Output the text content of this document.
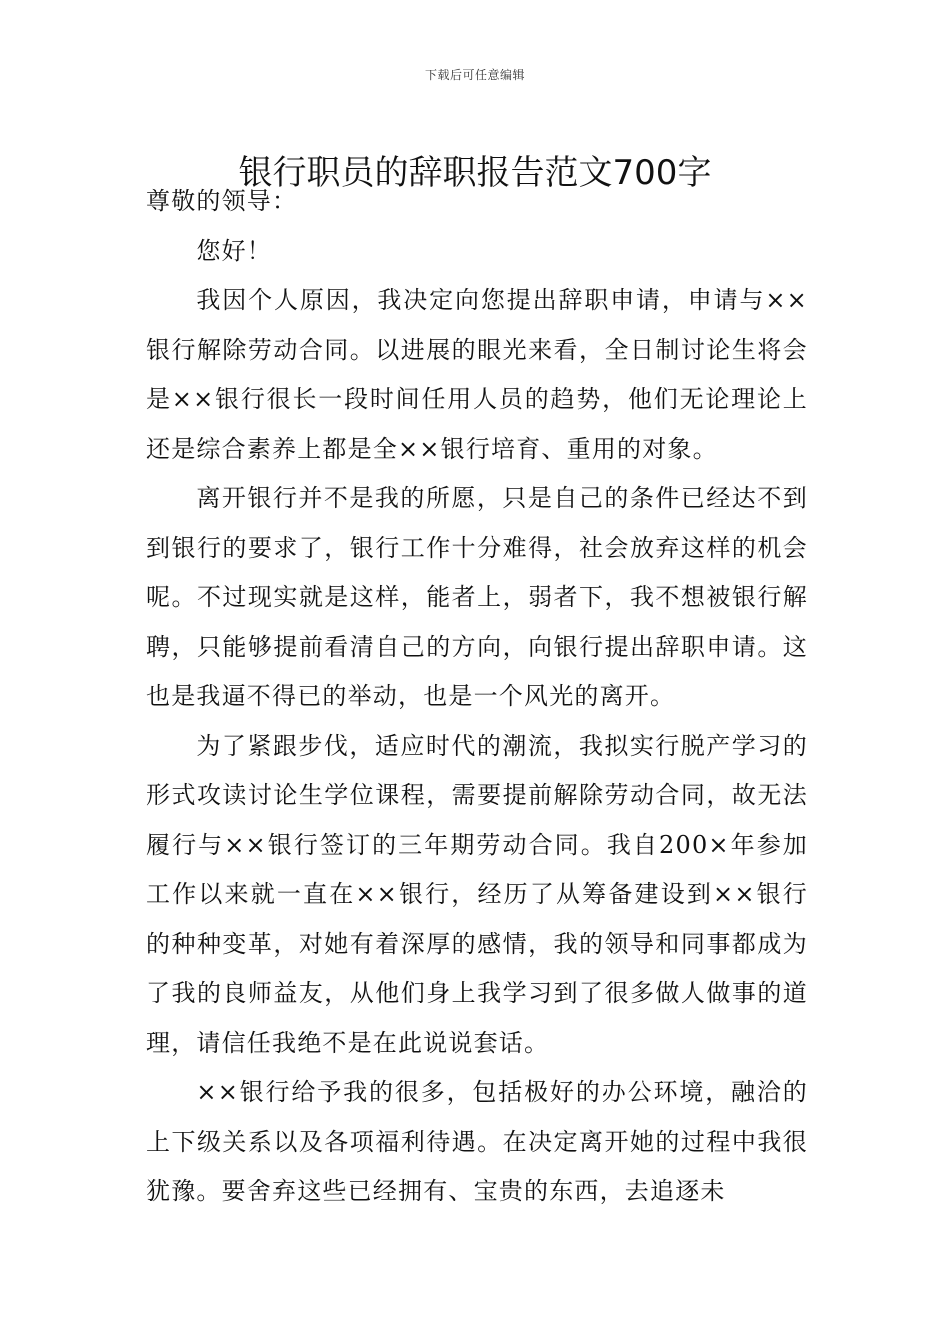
下载后可任意编辑
银行职员的辞职报告范文700字

尊敬的领导：

您好！

我因个人原因，我决定向您提出辞职申请，申请与××银行解除劳动合同。以进展的眼光来看，全日制讨论生将会是××银行很长一段时间任用人员的趋势，他们无论理论上还是综合素养上都是全××银行培育、重用的对象。

离开银行并不是我的所愿，只是自己的条件已经达不到到银行的要求了，银行工作十分难得，社会放弃这样的机会呢。不过现实就是这样，能者上，弱者下，我不想被银行解聘，只能够提前看清自己的方向，向银行提出辞职申请。这也是我逼不得已的举动，也是一个风光的离开。

为了紧跟步伐，适应时代的潮流，我拟实行脱产学习的形式攻读讨论生学位课程，需要提前解除劳动合同，故无法履行与××银行签订的三年期劳动合同。我自200×年参加工作以来就一直在××银行，经历了从筹备建设到××银行的种种变革，对她有着深厚的感情，我的领导和同事都成为了我的良师益友，从他们身上我学习到了很多做人做事的道理，请信任我绝不是在此说说套话。

××银行给予我的很多，包括极好的办公环境，融洽的上下级关系以及各项福利待遇。在决定离开她的过程中我很犹豫。要舍弃这些已经拥有、宝贵的东西，去追逐未
